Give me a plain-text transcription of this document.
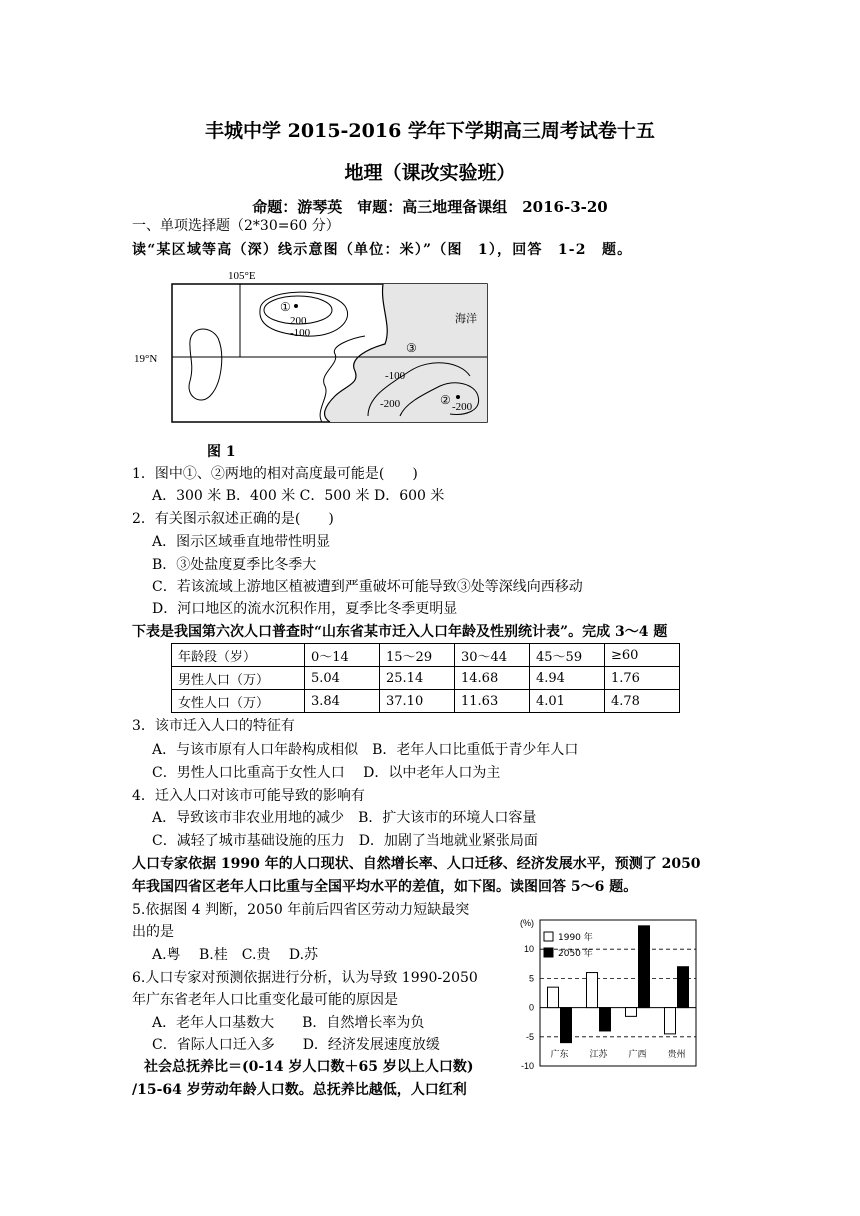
丰城中学 2015-2016 学年下学期高三周考试卷十五
地理（课改实验班）
命题：游琴英　审题：高三地理备课组　2016-3-20
一、单项选择题（2*30=60 分）
读“某区域等高（深）线示意图（单位：米）”（图　1），回答　1-2　题。
19°N
105°E
①
200
-100
③
海洋
-100
-200	② -200
图 1
1．图中①、②两地的相对高度最可能是(　　)
A．300 米 B．400 米 C．500 米 D．600 米
2．有关图示叙述正确的是(　　)
A．图示区域垂直地带性明显
B．③处盐度夏季比冬季大
C．若该流域上游地区植被遭到严重破坏可能导致③处等深线向西移动
D．河口地区的流水沉积作用，夏季比冬季更明显
下表是我国第六次人口普查时“山东省某市迁入人口年龄及性别统计表”。完成 3～4 题
年龄段（岁）	0～14	15～29	30～44	45～59	≥60
男性人口（万）	5.04	25.14	14.68	4.94	1.76
女性人口（万）	3.84	37.10	11.63	4.01	4.78
3．该市迁入人口的特征有
A．与该市原有人口年龄构成相似　B．老年人口比重低于青少年人口
C．男性人口比重高于女性人口　 D．以中老年人口为主
4．迁入人口对该市可能导致的影响有
A．导致该市非农业用地的减少　B．扩大该市的环境人口容量
C．减轻了城市基础设施的压力　D．加剧了当地就业紧张局面
人口专家依据 1990 年的人口现状、自然增长率、人口迁移、经济发展水平，预测了 2050
年我国四省区老年人口比重与全国平均水平的差值，如下图。读图回答 5～6 题。
5.依据图 4 判断，2050 年前后四省区劳动力短缺最突
出的是
A.粤　 B.桂　C.贵　 D.苏
6.人口专家对预测依据进行分析，认为导致 1990-2050
年广东省老年人口比重变化最可能的原因是
A．老年人口基数大　　B．自然增长率为负
C．省际人口迁入多　　D．经济发展速度放缓
社会总抚养比＝(0-14 岁人口数＋65 岁以上人口数)
/15-64 岁劳动年龄人口数。总抚养比越低，人口红利
(%)
10
5
0
-5
-10
广东 江苏 广西 贵州
1990 年
2050 年
